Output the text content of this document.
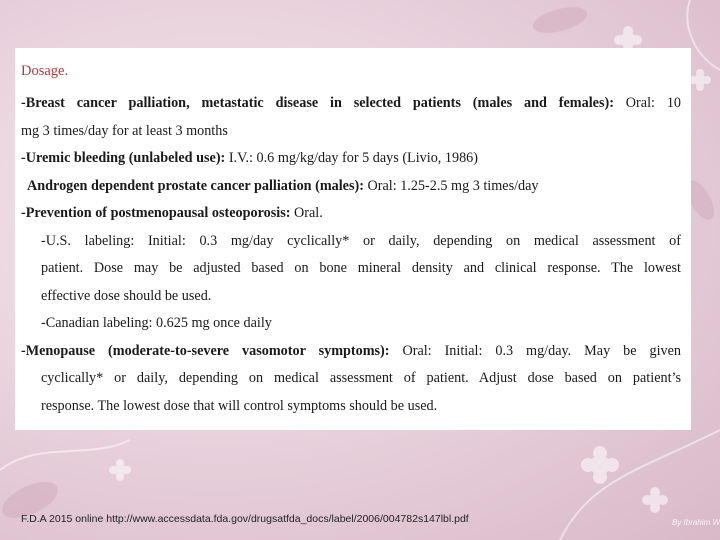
Dosage.
-Breast cancer palliation, metastatic disease in selected patients (males and females): Oral: 10
mg 3 times/day for at least 3 months
-Uremic bleeding (unlabeled use): I.V.: 0.6 mg/kg/day for 5 days (Livio, 1986)
Androgen dependent prostate cancer palliation (males): Oral: 1.25-2.5 mg 3 times/day
-Prevention of postmenopausal osteoporosis: Oral.
-U.S. labeling: Initial: 0.3 mg/day cyclically* or daily, depending on medical assessment of
patient. Dose may be adjusted based on bone mineral density and clinical response. The lowest
effective dose should be used.
-Canadian labeling: 0.625 mg once daily
-Menopause (moderate-to-severe vasomotor symptoms): Oral: Initial: 0.3 mg/day. May be given
cyclically* or daily, depending on medical assessment of patient. Adjust dose based on patient’s
response. The lowest dose that will control symptoms should be used.
F.D.A 2015 online http://www.accessdata.fda.gov/drugsatfda_docs/label/2006/004782s147lbl.pdf	By Ibrahim W
